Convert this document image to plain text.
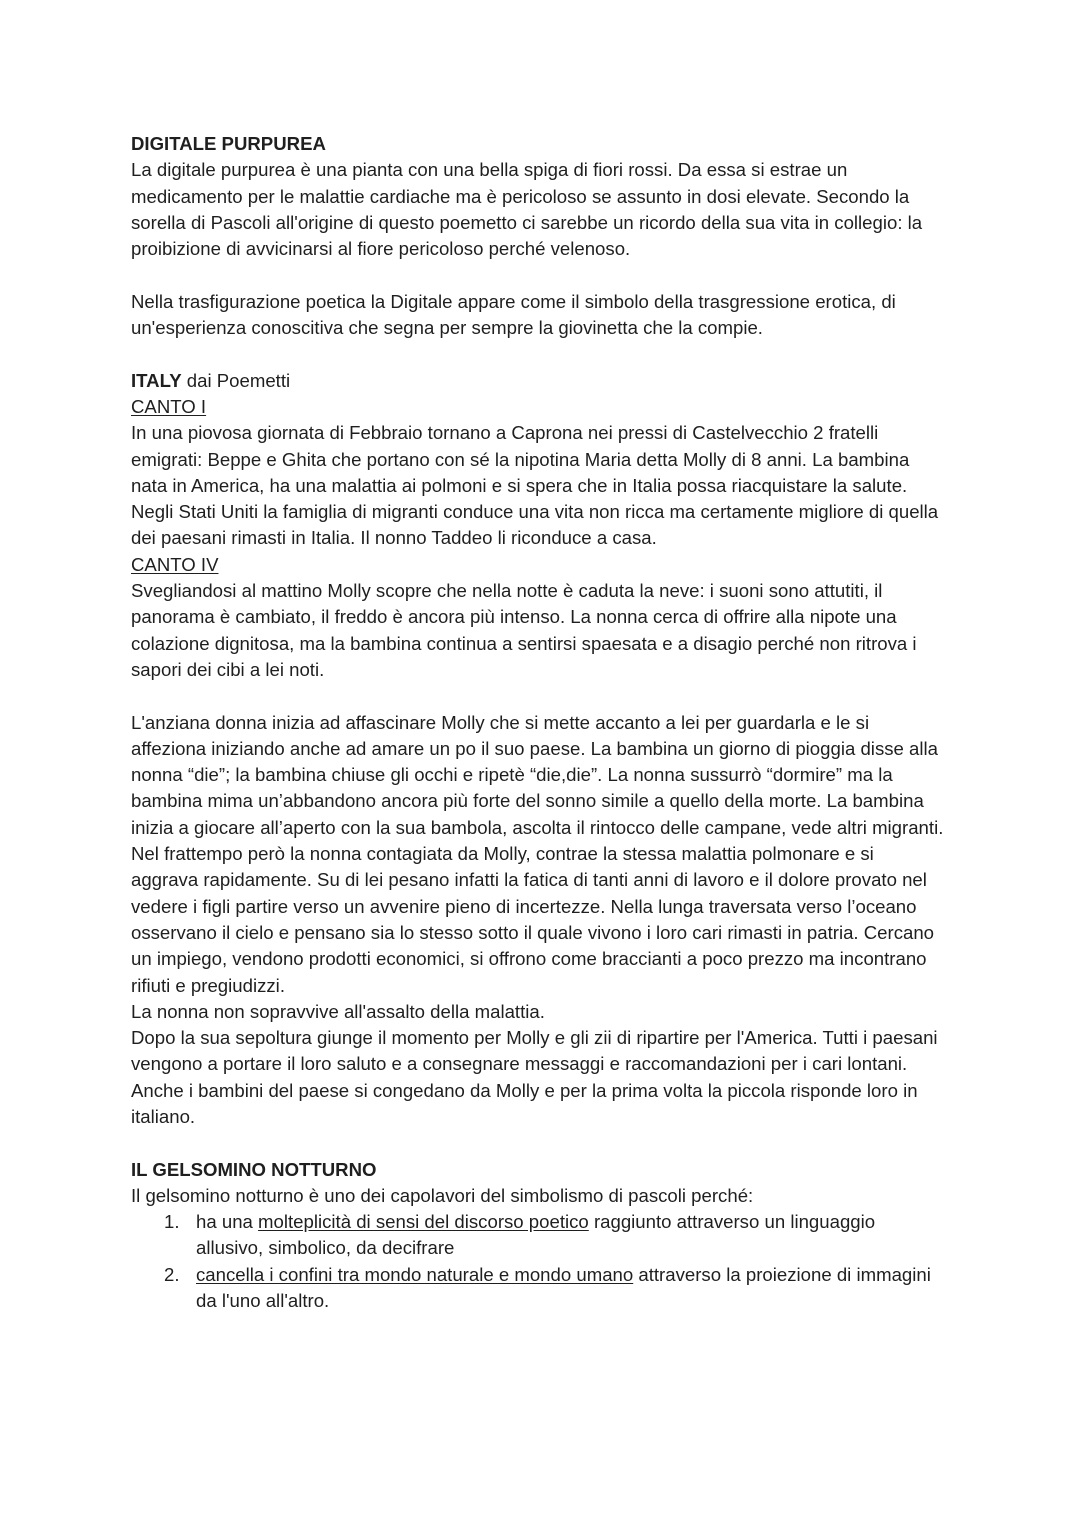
DIGITALE PURPUREA

La digitale purpurea è una pianta con una bella spiga di fiori rossi. Da essa si estrae un medicamento per le malattie cardiache ma è pericoloso se assunto in dosi elevate. Secondo la sorella di Pascoli all'origine di questo poemetto ci sarebbe un ricordo della sua vita in collegio: la proibizione di avvicinarsi al fiore pericoloso perché velenoso.

Nella trasfigurazione poetica la Digitale appare come il simbolo della trasgressione erotica, di un'esperienza conoscitiva che segna per sempre la giovinetta che la compie.

ITALY dai Poemetti

CANTO I

In una piovosa giornata di Febbraio tornano a Caprona nei pressi di Castelvecchio 2 fratelli emigrati: Beppe e Ghita che portano con sé la nipotina Maria detta Molly di 8 anni. La bambina nata in America, ha una malattia ai polmoni e si spera che in Italia possa riacquistare la salute. Negli Stati Uniti la famiglia di migranti conduce una vita non ricca ma certamente migliore di quella dei paesani rimasti in Italia. Il nonno Taddeo li riconduce a casa.

CANTO IV

Svegliandosi al mattino Molly scopre che nella notte è caduta la neve: i suoni sono attutiti, il panorama è cambiato, il freddo è ancora più intenso. La nonna cerca di offrire alla nipote una colazione dignitosa, ma la bambina continua a sentirsi spaesata e a disagio perché non ritrova i sapori dei cibi a lei noti.

L'anziana donna inizia ad affascinare Molly che si mette accanto a lei per guardarla e le si affeziona iniziando anche ad amare un po il suo paese. La bambina un giorno di pioggia disse alla nonna “die”; la bambina chiuse gli occhi e ripetè “die,die”. La nonna sussurrò “dormire” ma la bambina mima un’abbandono ancora più forte del sonno simile a quello della morte. La bambina inizia a giocare all’aperto con la sua bambola, ascolta il rintocco delle campane, vede altri migranti. Nel frattempo però la nonna contagiata da Molly, contrae la stessa malattia polmonare e si aggrava rapidamente. Su di lei pesano infatti la fatica di tanti anni di lavoro e il dolore provato nel vedere i figli partire verso un avvenire pieno di incertezze. Nella lunga traversata verso l’oceano osservano il cielo e pensano sia lo stesso sotto il quale vivono i loro cari rimasti in patria. Cercano un impiego, vendono prodotti economici, si offrono come braccianti a poco prezzo ma incontrano rifiuti e pregiudizzi.

La nonna non sopravvive all'assalto della malattia.

Dopo la sua sepoltura giunge il momento per Molly e gli zii di ripartire per l'America. Tutti i paesani vengono a portare il loro saluto e a consegnare messaggi e raccomandazioni per i cari lontani. Anche i bambini del paese si congedano da Molly e per la prima volta la piccola risponde loro in italiano.

IL GELSOMINO NOTTURNO

Il gelsomino notturno è uno dei capolavori del simbolismo di pascoli perché:

1. ha una molteplicità di sensi del discorso poetico raggiunto attraverso un linguaggio allusivo, simbolico, da decifrare
2. cancella i confini tra mondo naturale e mondo umano attraverso la proiezione di immagini da l'uno all'altro.
